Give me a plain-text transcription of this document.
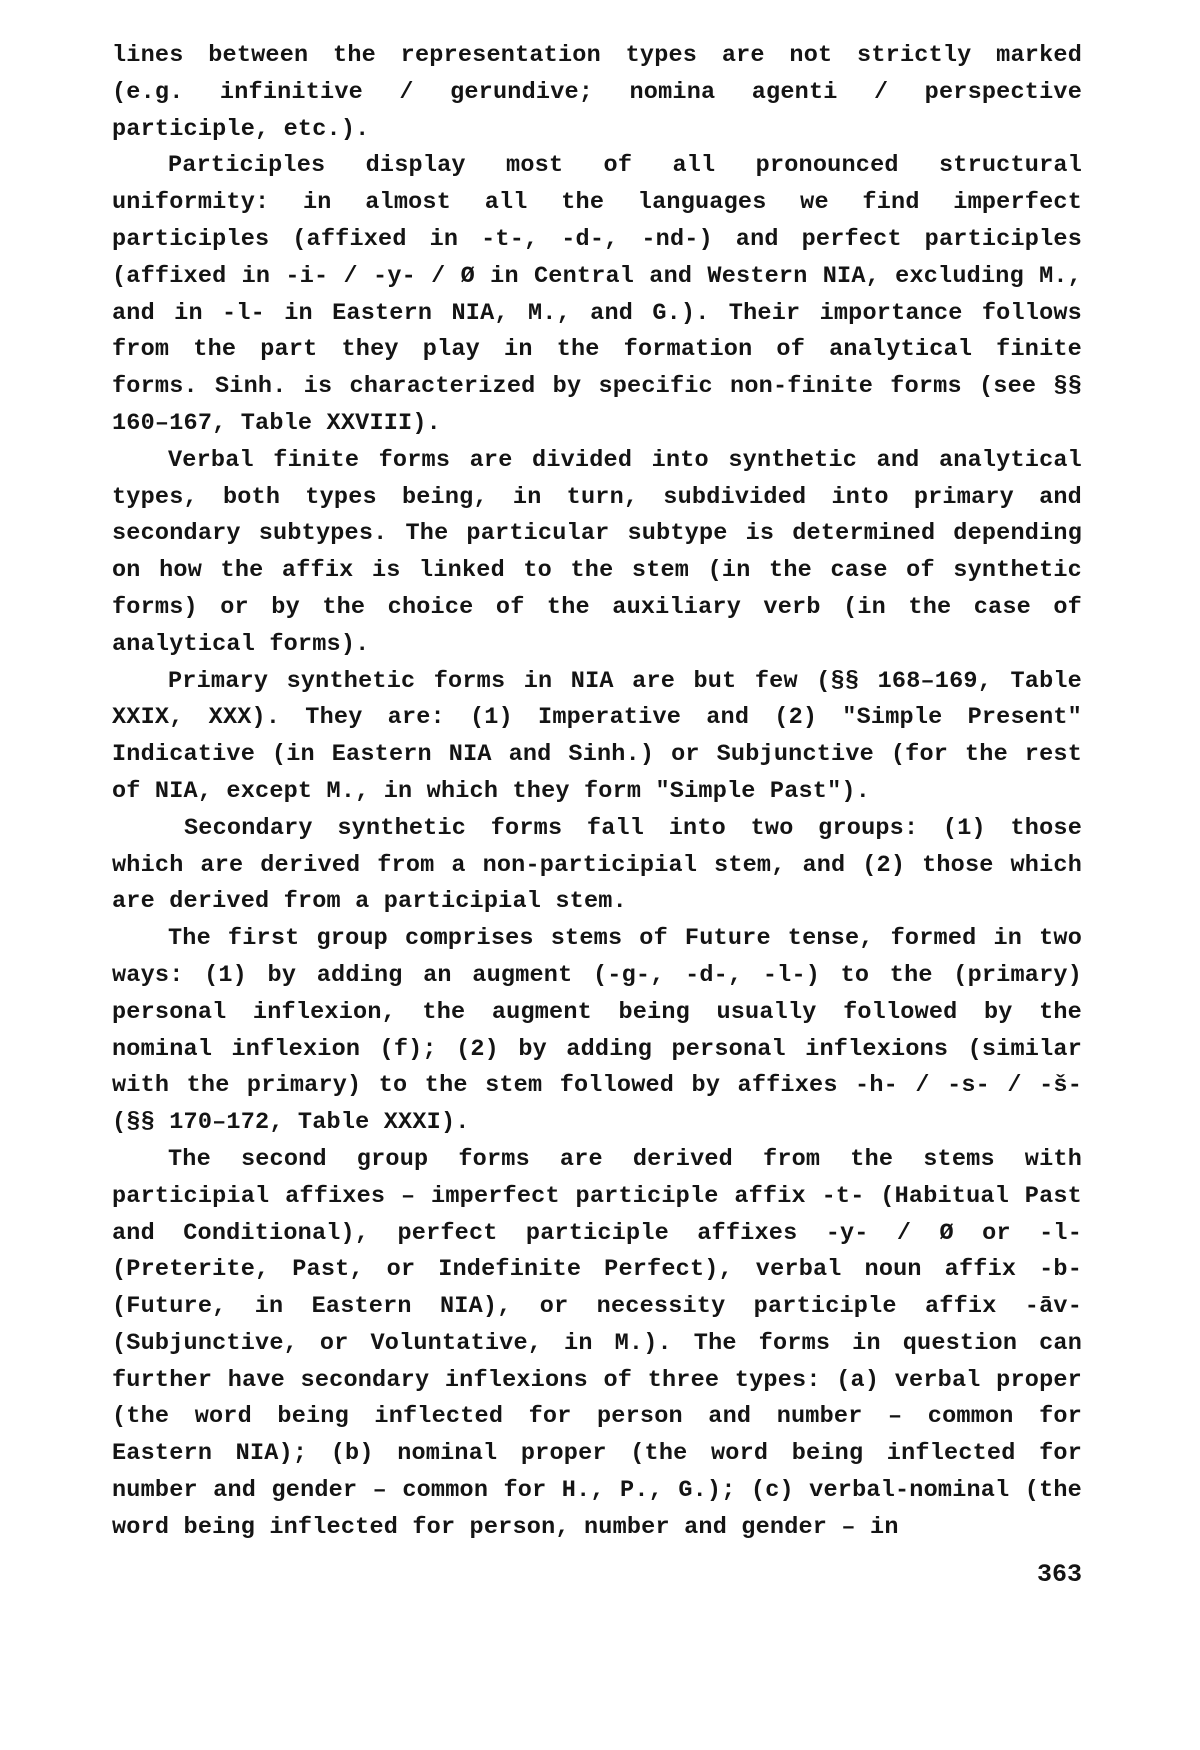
lines between the representation types are not strictly marked (e.g. infinitive / gerundive; nomina agenti / perspective participle, etc.).

Participles display most of all pronounced structural uniformity: in almost all the languages we find imperfect participles (affixed in -t-, -d-, -nd-) and perfect participles (affixed in -i- / -y- / Ø in Central and Western NIA, excluding M., and in -l- in Eastern NIA, M., and G.). Their importance follows from the part they play in the formation of analytical finite forms. Sinh. is characterized by specific non-finite forms (see §§ 160–167, Table XXVIII).

Verbal finite forms are divided into synthetic and analytical types, both types being, in turn, subdivided into primary and secondary subtypes. The particular subtype is determined depending on how the affix is linked to the stem (in the case of synthetic forms) or by the choice of the auxiliary verb (in the case of analytical forms).

Primary synthetic forms in NIA are but few (§§ 168–169, Table XXIX, XXX). They are: (1) Imperative and (2) "Simple Present" Indicative (in Eastern NIA and Sinh.) or Subjunctive (for the rest of NIA, except M., in which they form "Simple Past").

Secondary synthetic forms fall into two groups: (1) those which are derived from a non-participial stem, and (2) those which are derived from a participial stem.

The first group comprises stems of Future tense, formed in two ways: (1) by adding an augment (-g-, -d-, -l-) to the (primary) personal inflexion, the augment being usually followed by the nominal inflexion (f); (2) by adding personal inflexions (similar with the primary) to the stem followed by affixes -h- / -s- / -š- (§§ 170–172, Table XXXI).

The second group forms are derived from the stems with participial affixes – imperfect participle affix -t- (Habitual Past and Conditional), perfect participle affixes -y- / Ø or -l- (Preterite, Past, or Indefinite Perfect), verbal noun affix -b- (Future, in Eastern NIA), or necessity participle affix -āv- (Subjunctive, or Voluntative, in M.). The forms in question can further have secondary inflexions of three types: (a) verbal proper (the word being inflected for person and number – common for Eastern NIA); (b) nominal proper (the word being inflected for number and gender – common for H., P., G.); (c) verbal-nominal (the word being inflected for person, number and gender – in

363
